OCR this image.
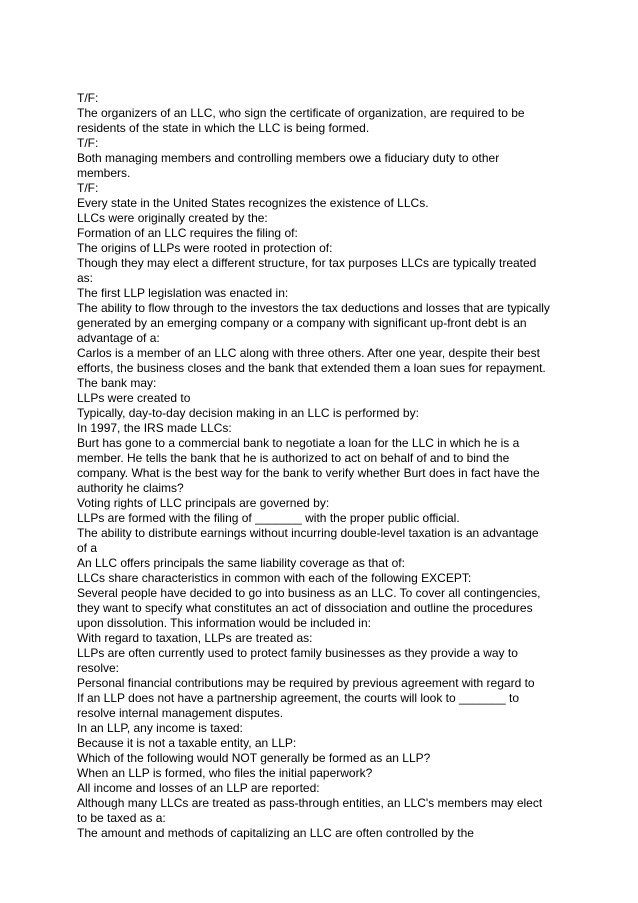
T/F:
The organizers of an LLC, who sign the certificate of organization, are required to be
residents of the state in which the LLC is being formed.
T/F:
Both managing members and controlling members owe a fiduciary duty to other
members.
T/F:
Every state in the United States recognizes the existence of LLCs.
LLCs were originally created by the:
Formation of an LLC requires the filing of:
The origins of LLPs were rooted in protection of:
Though they may elect a different structure, for tax purposes LLCs are typically treated
as:
The first LLP legislation was enacted in:
The ability to flow through to the investors the tax deductions and losses that are typically
generated by an emerging company or a company with significant up-front debt is an
advantage of a:
Carlos is a member of an LLC along with three others. After one year, despite their best
efforts, the business closes and the bank that extended them a loan sues for repayment.
The bank may:
LLPs were created to
Typically, day-to-day decision making in an LLC is performed by:
In 1997, the IRS made LLCs:
Burt has gone to a commercial bank to negotiate a loan for the LLC in which he is a
member. He tells the bank that he is authorized to act on behalf of and to bind the
company. What is the best way for the bank to verify whether Burt does in fact have the
authority he claims?
Voting rights of LLC principals are governed by:
LLPs are formed with the filing of _______ with the proper public official.
The ability to distribute earnings without incurring double-level taxation is an advantage
of a
An LLC offers principals the same liability coverage as that of:
LLCs share characteristics in common with each of the following EXCEPT:
Several people have decided to go into business as an LLC. To cover all contingencies,
they want to specify what constitutes an act of dissociation and outline the procedures
upon dissolution. This information would be included in:
With regard to taxation, LLPs are treated as:
LLPs are often currently used to protect family businesses as they provide a way to
resolve:
Personal financial contributions may be required by previous agreement with regard to
If an LLP does not have a partnership agreement, the courts will look to _______ to
resolve internal management disputes.
In an LLP, any income is taxed:
Because it is not a taxable entity, an LLP:
Which of the following would NOT generally be formed as an LLP?
When an LLP is formed, who files the initial paperwork?
All income and losses of an LLP are reported:
Although many LLCs are treated as pass-through entities, an LLC's members may elect
to be taxed as a:
The amount and methods of capitalizing an LLC are often controlled by the
